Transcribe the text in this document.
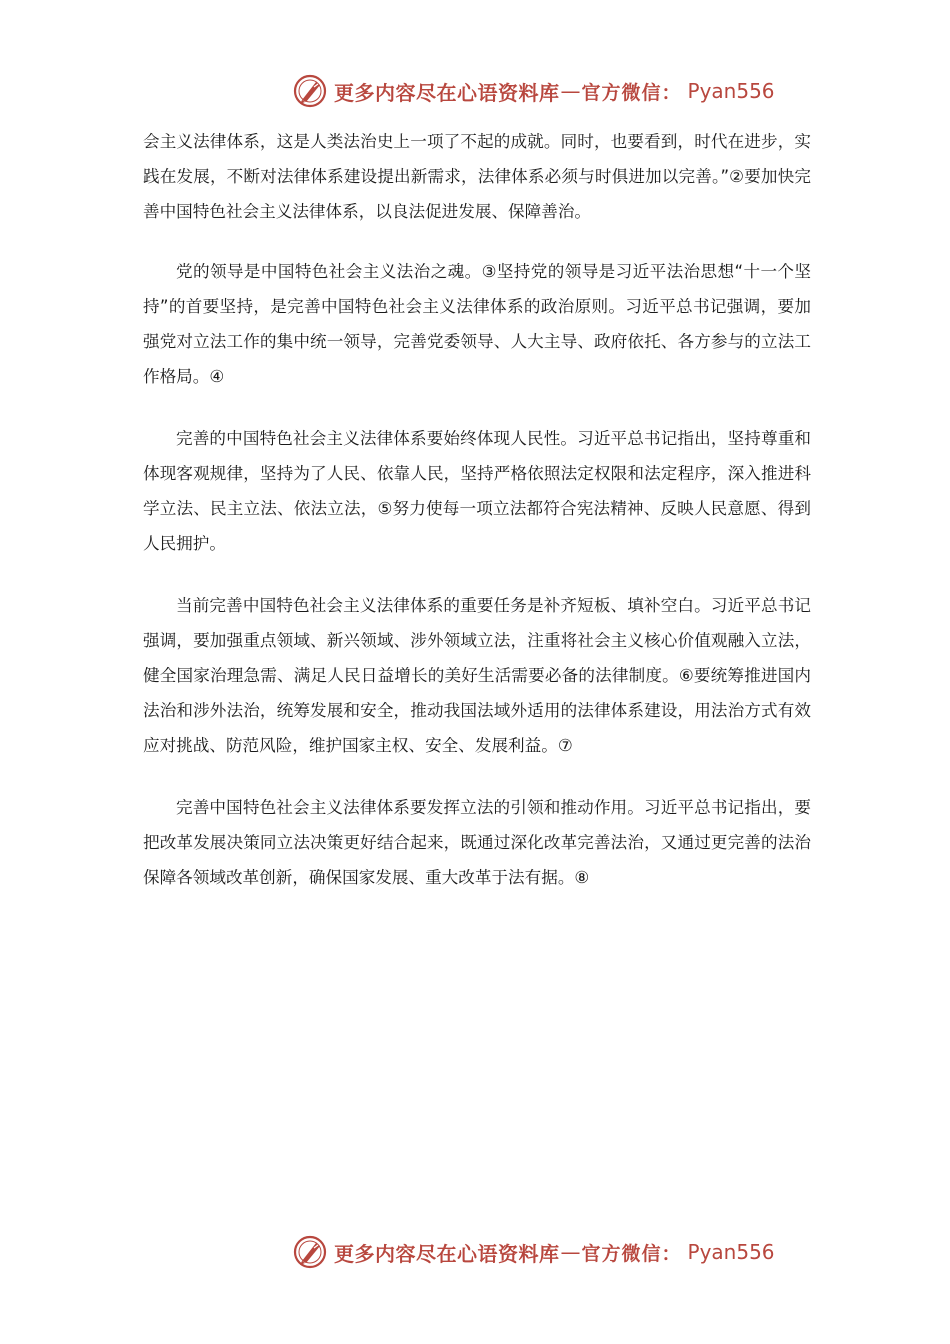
更多内容尽在心语资料库 — 官方微信： Pyan556

会主义法律体系，这是人类法治史上一项了不起的成就。同时，也要看到，时代在进步，实践在发展，不断对法律体系建设提出新需求，法律体系必须与时俱进加以完善。”②要加快完善中国特色社会主义法律体系，以良法促进发展、保障善治。

党的领导是中国特色社会主义法治之魂。③坚持党的领导是习近平法治思想“十一个坚持”的首要坚持，是完善中国特色社会主义法律体系的政治原则。习近平总书记强调，要加强党对立法工作的集中统一领导，完善党委领导、人大主导、政府依托、各方参与的立法工作格局。④

完善的中国特色社会主义法律体系要始终体现人民性。习近平总书记指出，坚持尊重和体现客观规律，坚持为了人民、依靠人民，坚持严格依照法定权限和法定程序，深入推进科学立法、民主立法、依法立法，⑤努力使每一项立法都符合宪法精神、反映人民意愿、得到人民拥护。

当前完善中国特色社会主义法律体系的重要任务是补齐短板、填补空白。习近平总书记强调，要加强重点领域、新兴领域、涉外领域立法，注重将社会主义核心价值观融入立法，健全国家治理急需、满足人民日益增长的美好生活需要必备的法律制度。⑥要统筹推进国内法治和涉外法治，统筹发展和安全，推动我国法域外适用的法律体系建设，用法治方式有效应对挑战、防范风险，维护国家主权、安全、发展利益。⑦

完善中国特色社会主义法律体系要发挥立法的引领和推动作用。习近平总书记指出，要把改革发展决策同立法决策更好结合起来，既通过深化改革完善法治，又通过更完善的法治保障各领域改革创新，确保国家发展、重大改革于法有据。⑧

更多内容尽在心语资料库 — 官方微信： Pyan556
